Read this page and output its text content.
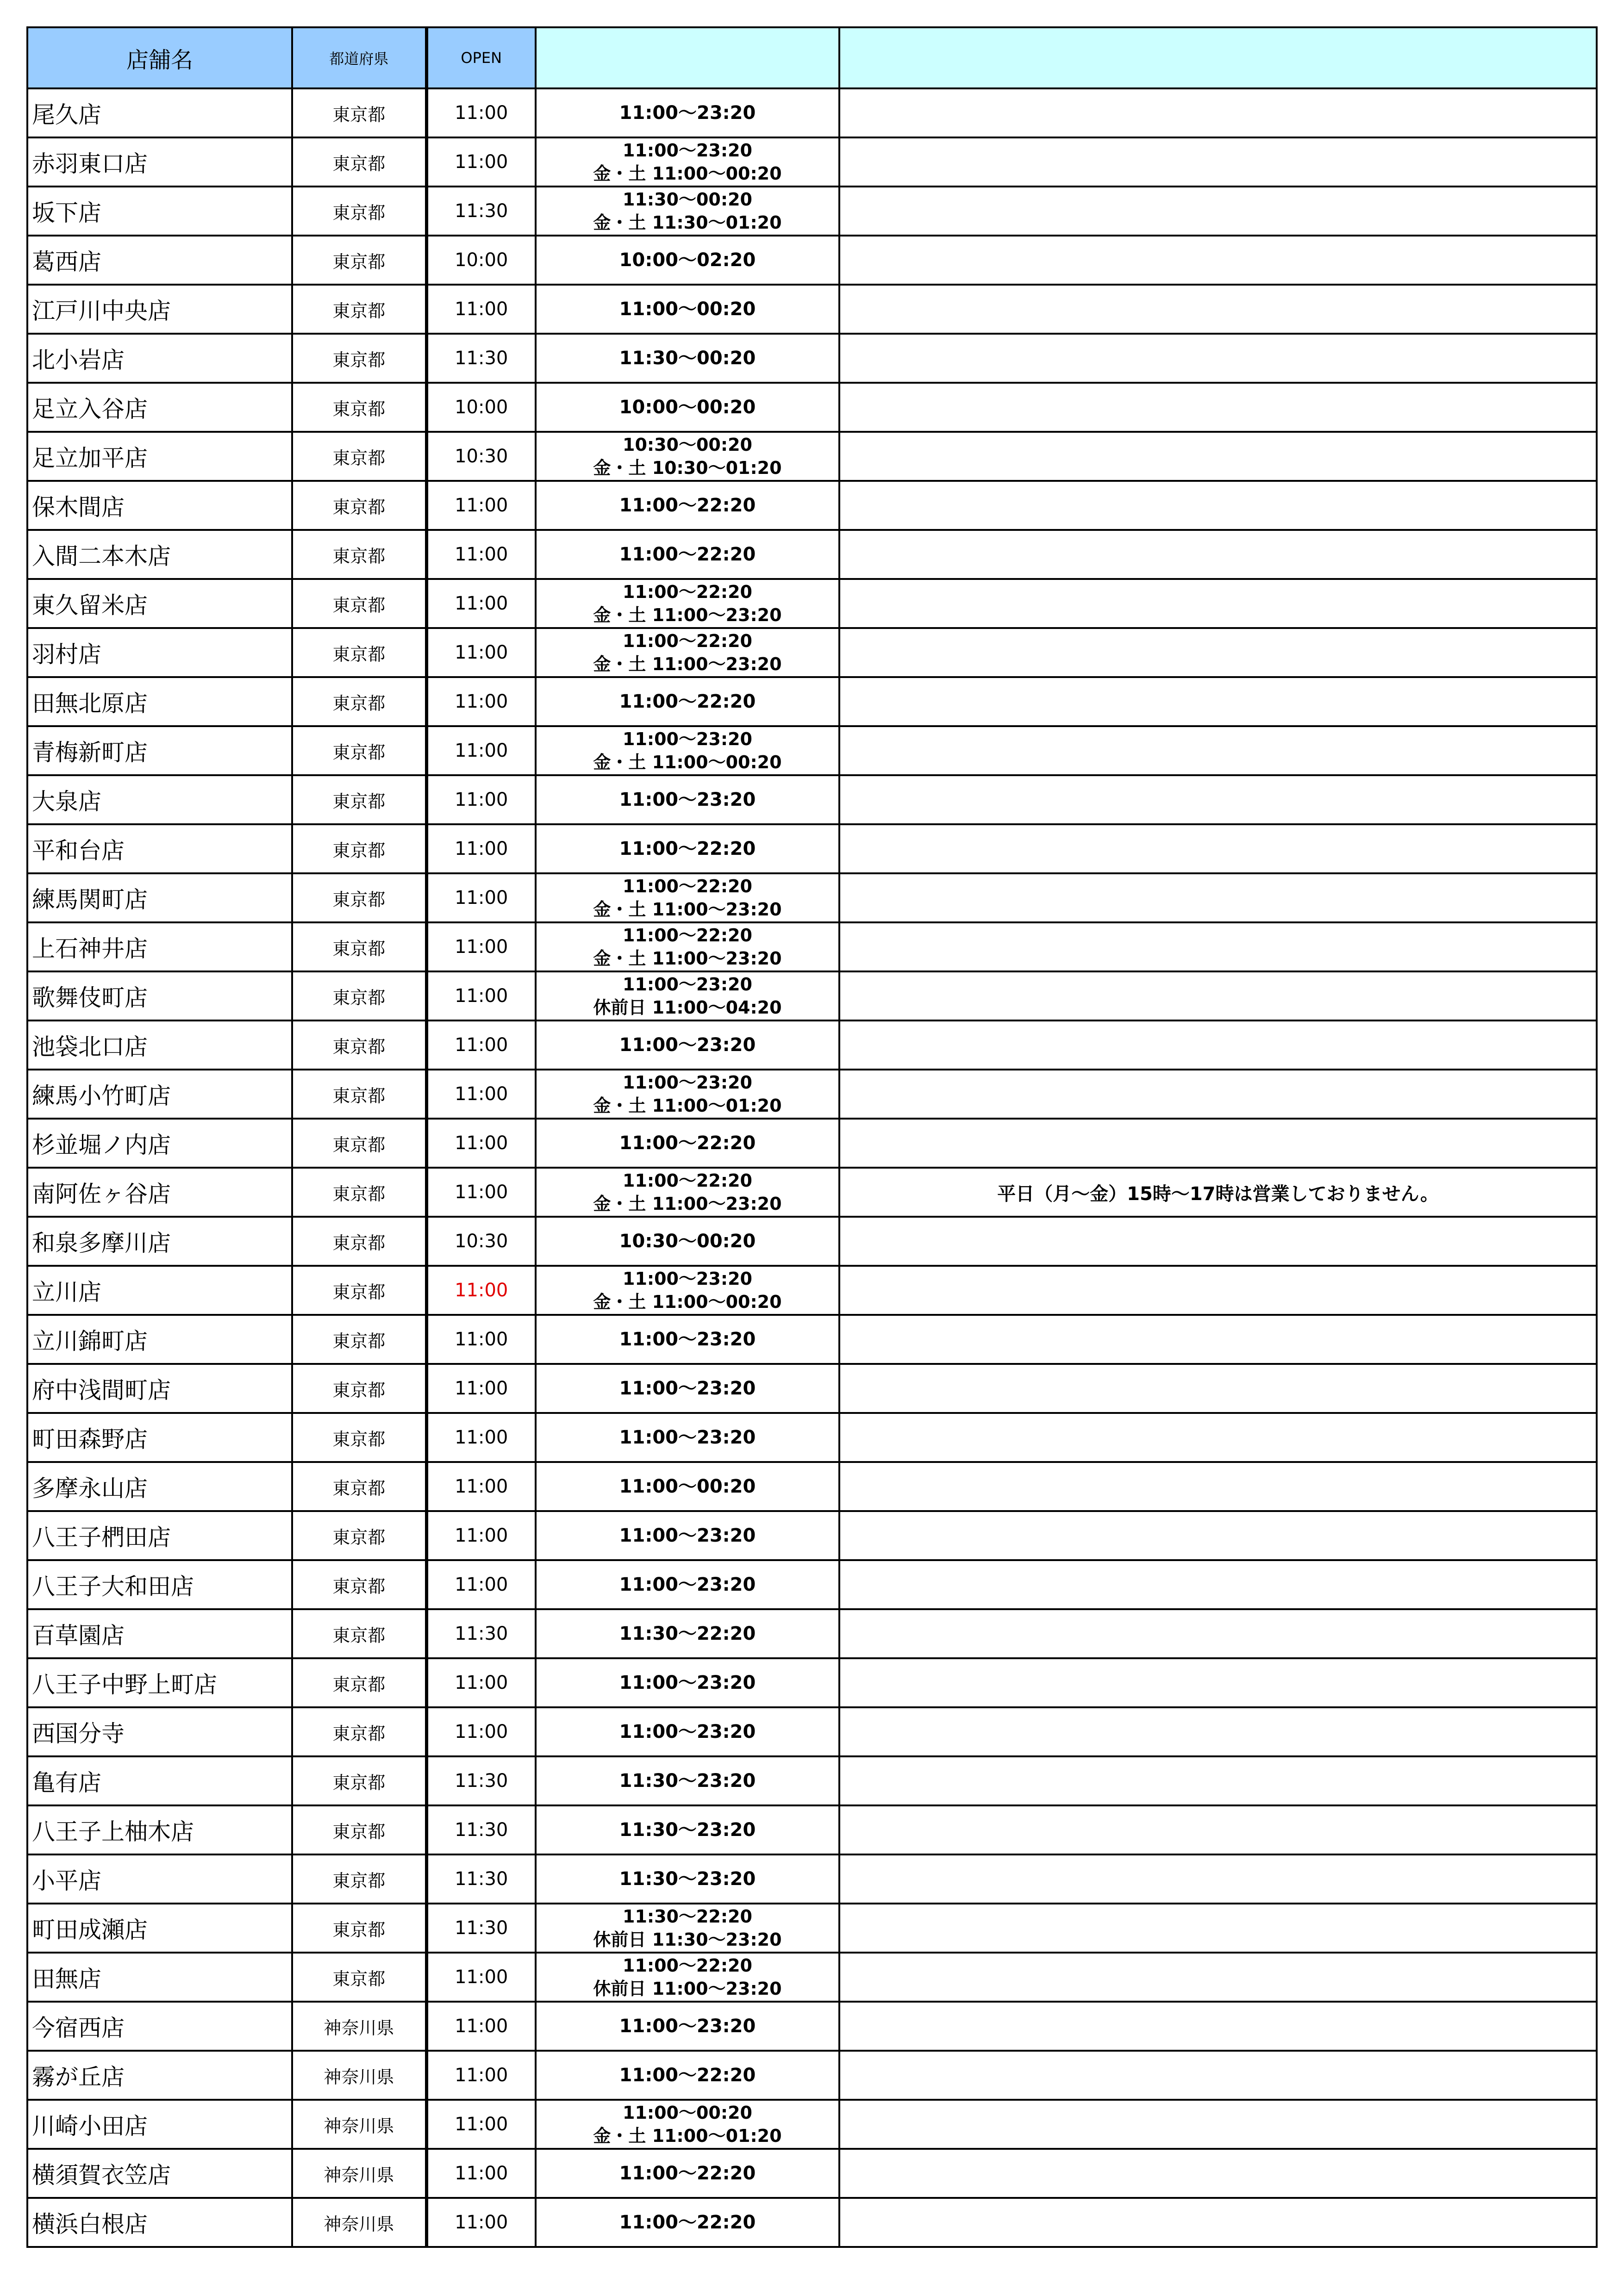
店舗名	都道府県	OPEN		
尾久店	東京都	11:00	11:00〜23:20	
赤羽東口店	東京都	11:00	11:00〜23:20
金・土 11:00〜00:20	

坂下店	東京都	11:30	11:30〜00:20
金・土 11:30〜01:20	

葛西店	東京都	10:00	10:00〜02:20	
江戸川中央店	東京都	11:00	11:00〜00:20	
北小岩店	東京都	11:30	11:30〜00:20	
足立入谷店	東京都	10:00	10:00〜00:20	
足立加平店	東京都	10:30	10:30〜00:20
金・土 10:30〜01:20	

保木間店	東京都	11:00	11:00〜22:20	
入間二本木店	東京都	11:00	11:00〜22:20	
東久留米店	東京都	11:00	11:00〜22:20
金・土 11:00〜23:20	

羽村店	東京都	11:00	11:00〜22:20
金・土 11:00〜23:20	

田無北原店	東京都	11:00	11:00〜22:20	
青梅新町店	東京都	11:00	11:00〜23:20
金・土 11:00〜00:20	

大泉店	東京都	11:00	11:00〜23:20	
平和台店	東京都	11:00	11:00〜22:20	
練馬関町店	東京都	11:00	11:00〜22:20
金・土 11:00〜23:20	

上石神井店	東京都	11:00	11:00〜22:20
金・土 11:00〜23:20	

歌舞伎町店	東京都	11:00	11:00〜23:20
休前日 11:00〜04:20	

池袋北口店	東京都	11:00	11:00〜23:20	
練馬小竹町店	東京都	11:00	11:00〜23:20
金・土 11:00〜01:20	

杉並堀ノ内店	東京都	11:00	11:00〜22:20	
南阿佐ヶ谷店	東京都	11:00	11:00〜22:20
金・土 11:00〜23:20	平日（月～金）15時～17時は営業しておりません。
和泉多摩川店	東京都	10:30	10:30〜00:20	
立川店	東京都	11:00	11:00〜23:20
金・土 11:00〜00:20	

立川錦町店	東京都	11:00	11:00〜23:20	
府中浅間町店	東京都	11:00	11:00〜23:20	
町田森野店	東京都	11:00	11:00〜23:20	
多摩永山店	東京都	11:00	11:00〜00:20	
八王子椚田店	東京都	11:00	11:00〜23:20	
八王子大和田店	東京都	11:00	11:00〜23:20	
百草園店	東京都	11:30	11:30〜22:20	
八王子中野上町店	東京都	11:00	11:00〜23:20	
西国分寺	東京都	11:00	11:00〜23:20	
亀有店	東京都	11:30	11:30〜23:20	
八王子上柚木店	東京都	11:30	11:30〜23:20	
小平店	東京都	11:30	11:30〜23:20	
町田成瀬店	東京都	11:30	11:30〜22:20
休前日 11:30〜23:20	

田無店	東京都	11:00	11:00〜22:20
休前日 11:00〜23:20	

今宿西店	神奈川県	11:00	11:00〜23:20	
霧が丘店	神奈川県	11:00	11:00〜22:20	
川崎小田店	神奈川県	11:00	11:00〜00:20
金・土 11:00〜01:20	

横須賀衣笠店	神奈川県	11:00	11:00〜22:20	
横浜白根店	神奈川県	11:00	11:00〜22:20	
